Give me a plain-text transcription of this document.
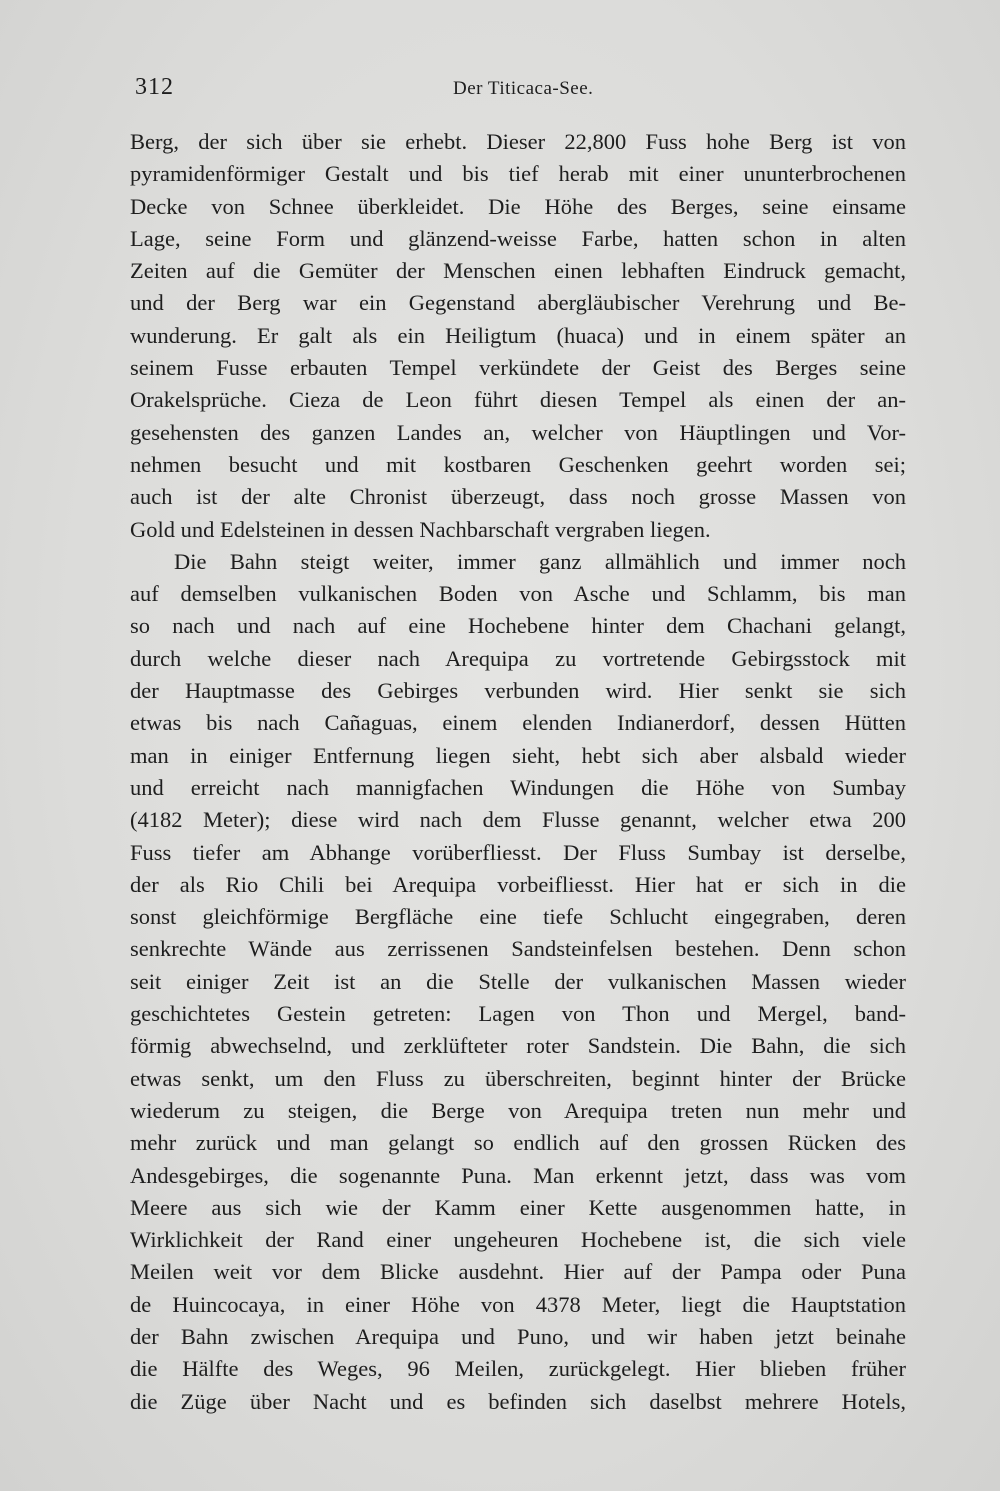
312	Der Titicaca-See.
Berg, der sich über sie erhebt. Dieser 22,800 Fuss hohe Berg ist von
pyramidenförmiger Gestalt und bis tief herab mit einer ununterbrochenen
Decke von Schnee überkleidet. Die Höhe des Berges, seine einsame
Lage, seine Form und glänzend-weisse Farbe, hatten schon in alten
Zeiten auf die Gemüter der Menschen einen lebhaften Eindruck gemacht,
und der Berg war ein Gegenstand abergläubischer Verehrung und Be-
wunderung. Er galt als ein Heiligtum (huaca) und in einem später an
seinem Fusse erbauten Tempel verkündete der Geist des Berges seine
Orakelsprüche. Cieza de Leon führt diesen Tempel als einen der an-
gesehensten des ganzen Landes an, welcher von Häuptlingen und Vor-
nehmen besucht und mit kostbaren Geschenken geehrt worden sei;
auch ist der alte Chronist überzeugt, dass noch grosse Massen von
Gold und Edelsteinen in dessen Nachbarschaft vergraben liegen.
Die Bahn steigt weiter, immer ganz allmählich und immer noch
auf demselben vulkanischen Boden von Asche und Schlamm, bis man
so nach und nach auf eine Hochebene hinter dem Chachani gelangt,
durch welche dieser nach Arequipa zu vortretende Gebirgsstock mit
der Hauptmasse des Gebirges verbunden wird. Hier senkt sie sich
etwas bis nach Cañaguas, einem elenden Indianerdorf, dessen Hütten
man in einiger Entfernung liegen sieht, hebt sich aber alsbald wieder
und erreicht nach mannigfachen Windungen die Höhe von Sumbay
(4182 Meter); diese wird nach dem Flusse genannt, welcher etwa 200
Fuss tiefer am Abhange vorüberfliesst. Der Fluss Sumbay ist derselbe,
der als Rio Chili bei Arequipa vorbeifliesst. Hier hat er sich in die
sonst gleichförmige Bergfläche eine tiefe Schlucht eingegraben, deren
senkrechte Wände aus zerrissenen Sandsteinfelsen bestehen. Denn schon
seit einiger Zeit ist an die Stelle der vulkanischen Massen wieder
geschichtetes Gestein getreten: Lagen von Thon und Mergel, band-
förmig abwechselnd, und zerklüfteter roter Sandstein. Die Bahn, die sich
etwas senkt, um den Fluss zu überschreiten, beginnt hinter der Brücke
wiederum zu steigen, die Berge von Arequipa treten nun mehr und
mehr zurück und man gelangt so endlich auf den grossen Rücken des
Andesgebirges, die sogenannte Puna. Man erkennt jetzt, dass was vom
Meere aus sich wie der Kamm einer Kette ausgenommen hatte, in
Wirklichkeit der Rand einer ungeheuren Hochebene ist, die sich viele
Meilen weit vor dem Blicke ausdehnt. Hier auf der Pampa oder Puna
de Huincocaya, in einer Höhe von 4378 Meter, liegt die Hauptstation
der Bahn zwischen Arequipa und Puno, und wir haben jetzt beinahe
die Hälfte des Weges, 96 Meilen, zurückgelegt. Hier blieben früher
die Züge über Nacht und es befinden sich daselbst mehrere Hotels,
